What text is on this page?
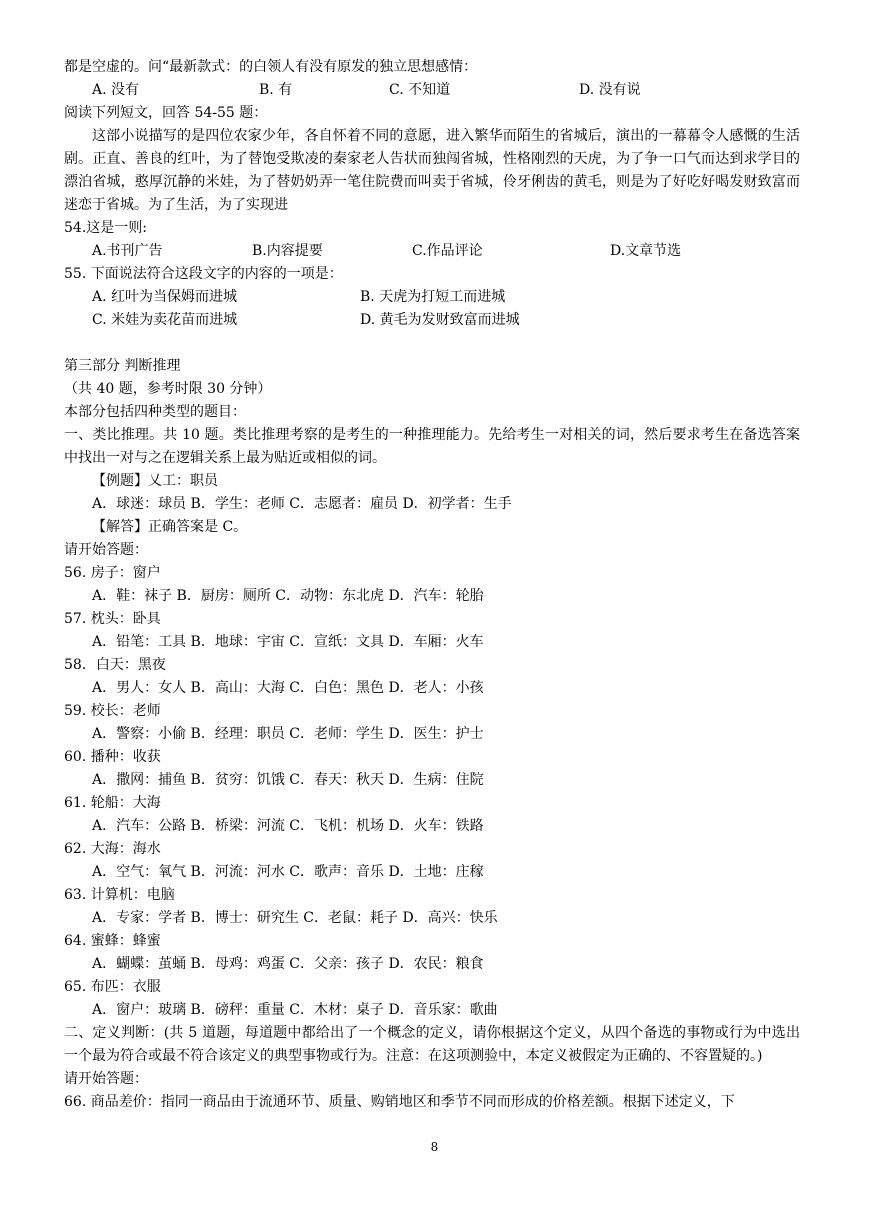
都是空虚的。问“最新款式：的白领人有没有原发的独立思想感情：
A. 没有	B. 有	C. 不知道	D. 没有说
阅读下列短文，回答 54-55 题：
这部小说描写的是四位农家少年，各自怀着不同的意愿，进入繁华而陌生的省城后，演出的一幕幕令人感慨的生活剧。正直、善良的红叶，为了替饱受欺凌的秦家老人告状而独闯省城，性格刚烈的天虎，为了争一口气而达到求学目的漂泊省城，憨厚沉静的米娃，为了替奶奶弄一笔住院费而叫卖于省城，伶牙俐齿的黄毛，则是为了好吃好喝发财致富而迷恋于省城。为了生活，为了实现进
54.这是一则:
A.书刊广告	B.内容提要	C.作品评论	D.文章节选
55. 下面说法符合这段文字的内容的一项是：
A. 红叶为当保姆而进城	B. 天虎为打短工而进城
C. 米娃为卖花苗而进城	D. 黄毛为发财致富而进城
第三部分 判断推理
（共 40 题，参考时限 30 分钟）
本部分包括四种类型的题目：
一、类比推理。共 10 题。类比推理考察的是考生的一种推理能力。先给考生一对相关的词，然后要求考生在备选答案中找出一对与之在逻辑关系上最为贴近或相似的词。
【例题】乂工：职员
A．球迷：球员 B．学生：老师 C．志愿者：雇员 D．初学者：生手
【解答】正确答案是 C。
请开始答题：
56. 房子：窗户
A．鞋：袜子 B．厨房：厕所 C．动物：东北虎 D．汽车：轮胎
57. 枕头：卧具
A．铅笔：工具 B．地球：宇宙 C．宣纸：文具 D．车厢：火车
58．白天：黑夜
A．男人：女人 B．高山：大海 C．白色：黑色 D．老人：小孩
59. 校长：老师
A．警察：小偷 B．经理：职员 C．老师：学生 D．医生：护士
60. 播种：收获
A．撒网：捕鱼 B．贫穷：饥饿 C．春天：秋天 D．生病：住院
61. 轮船：大海
A．汽车：公路 B．桥梁：河流 C．飞机：机场 D．火车：铁路
62. 大海：海水
A．空气：氧气 B．河流：河水 C．歌声：音乐 D．土地：庄稼
63. 计算机：电脑
A．专家：学者 B．博士：研究生 C．老鼠：耗子 D．高兴：快乐
64. 蜜蜂：蜂蜜
A．蝴蝶：茧蛹 B．母鸡：鸡蛋 C．父亲：孩子 D．农民：粮食
65. 布匹：衣服
A．窗户：玻璃 B．磅秤：重量 C．木材：桌子 D．音乐家：歌曲
二、定义判断：(共 5 道题，每道题中都给出了一个概念的定义，请你根据这个定义，从四个备选的事物或行为中选出一个最为符合或最不符合该定义的典型事物或行为。注意：在这项测验中，本定义被假定为正确的、不容置疑的。)
请开始答题：
66. 商品差价：指同一商品由于流通环节、质量、购销地区和季节不同而形成的价格差额。根据下述定义，下
8
